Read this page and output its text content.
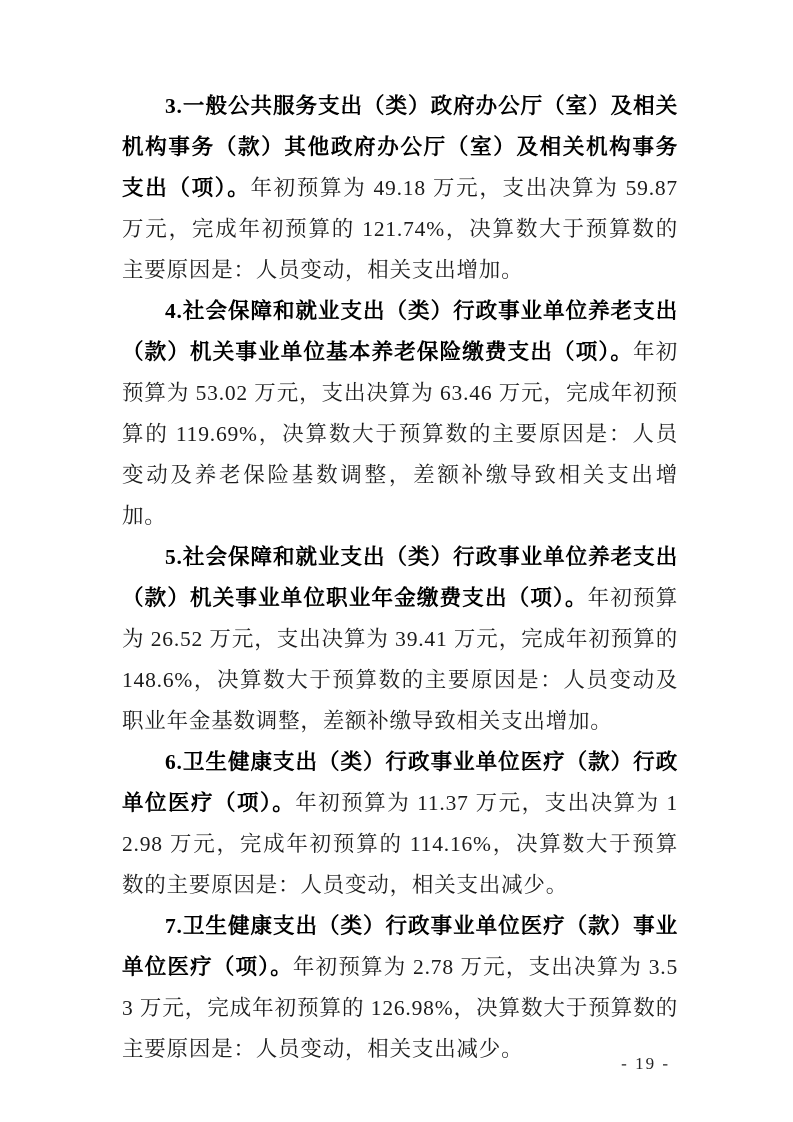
3.一般公共服务支出（类）政府办公厅（室）及相关机构事务（款）其他政府办公厅（室）及相关机构事务支出（项）。年初预算为 49.18 万元，支出决算为 59.87 万元，完成年初预算的 121.74%，决算数大于预算数的主要原因是：人员变动，相关支出增加。

4.社会保障和就业支出（类）行政事业单位养老支出（款）机关事业单位基本养老保险缴费支出（项）。年初预算为 53.02 万元，支出决算为 63.46 万元，完成年初预算的 119.69%，决算数大于预算数的主要原因是：人员变动及养老保险基数调整，差额补缴导致相关支出增加。

5.社会保障和就业支出（类）行政事业单位养老支出（款）机关事业单位职业年金缴费支出（项）。年初预算为 26.52 万元，支出决算为 39.41 万元，完成年初预算的 148.6%，决算数大于预算数的主要原因是：人员变动及职业年金基数调整，差额补缴导致相关支出增加。

6.卫生健康支出（类）行政事业单位医疗（款）行政单位医疗（项）。年初预算为 11.37 万元，支出决算为 12.98 万元，完成年初预算的 114.16%，决算数大于预算数的主要原因是：人员变动，相关支出减少。

7.卫生健康支出（类）行政事业单位医疗（款）事业单位医疗（项）。年初预算为 2.78 万元，支出决算为 3.53 万元，完成年初预算的 126.98%，决算数大于预算数的主要原因是：人员变动，相关支出减少。

- 19 -
